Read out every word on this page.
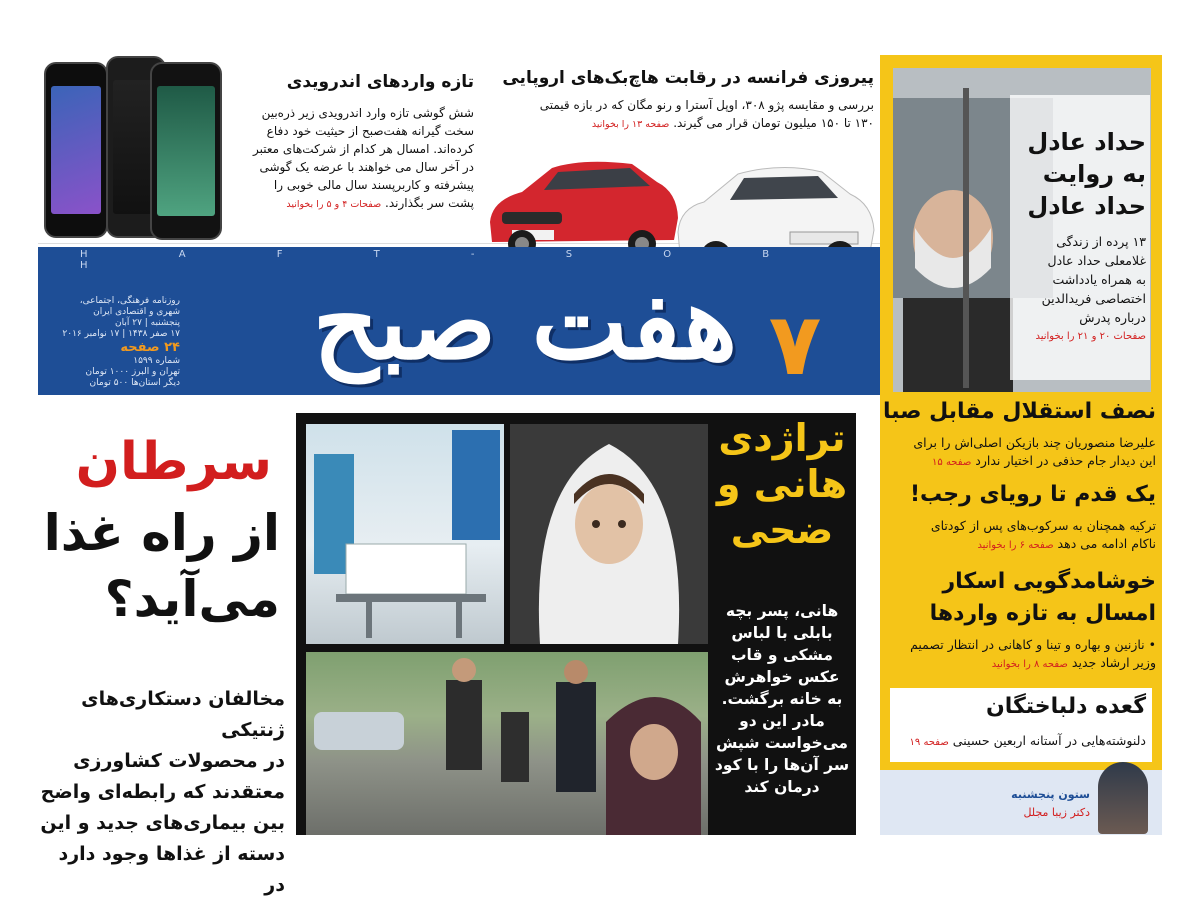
تازه واردهای اندرویدی
شش گوشی تازه وارد اندرویدی زیر ذره‌بین
سخت گیرانه هفت‌صبح از حیثیت خود دفاع
کرده‌اند. امسال هر کدام از شرکت‌های معتبر
در آخر سال می خواهند با عرضه یک گوشی
پیشرفته و کاربرپسند سال مالی خوبی را
پشت سر بگذارند. صفحات ۴ و ۵ را بخوانید
پیروزی فرانسه در رقابت هاچ‌بک‌های اروپایی
بررسی و مقایسه پژو ۳۰۸، اوپل آسترا و رنو مگان که در بازه قیمتی
۱۳۰ تا ۱۵۰ میلیون تومان قرار می گیرند. صفحه ۱۳ را بخوانید
H A F T - S O B H	هفت صبح ۷
روزنامه فرهنگی، اجتماعی،
شهری و اقتصادی ایران
پنجشنبه | ۲۷ آبان
۱۷ صفر ۱۴۳۸ | ۱۷ نوامبر ۲۰۱۶
۲۴ صفحه
شماره ۱۵۹۹
تهران و البرز ۱۰۰۰ تومان
دیگر استان‌ها ۵۰۰ تومان
حداد عادل
به روایت
حداد عادل
۱۳ پرده از زندگی
غلامعلی حداد عادل
به همراه یادداشت
اختصاصی فریدالدین
درباره پدرش
صفحات ۲۰ و ۲۱ را بخوانید
نصف استقلال مقابل صبا
علیرضا منصوریان چند بازیکن اصلی‌اش را برای
این دیدار جام حذفی در اختیار ندارد صفحه ۱۵
یک قدم تا رویای رجب!
ترکیه همچنان به سرکوب‌های پس از کودتای
ناکام ادامه می دهد صفحه ۶ را بخوانید
خوشامدگویی اسکار
امسال به تازه واردها
• نازنین و بهاره و تینا و کاهانی در انتظار تصمیم
وزیر ارشاد جدید صفحه ۸ را بخوانید
گعده دلباختگان
دلنوشته‌هایی در آستانه اربعین حسینی صفحه ۱۹
ستون پنجشنبه
دکتر زیبا مجلل
سرطان
از راه غذا
می‌آید؟
مخالفان دستکاری‌های ژنتیکی
در محصولات کشاورزی
معتقدند که رابطه‌ای واضح
بین بیماری‌های جدید و این
دسته از غذاها وجود دارد در
تراژدی
هانی و
ضحی
هانی، پسر بچه
بابلی با لباس
مشکی و قاب
عکس خواهرش
به خانه برگشت.
مادر این دو
می‌خواست شپش
سر آن‌ها را با کود
درمان کند
